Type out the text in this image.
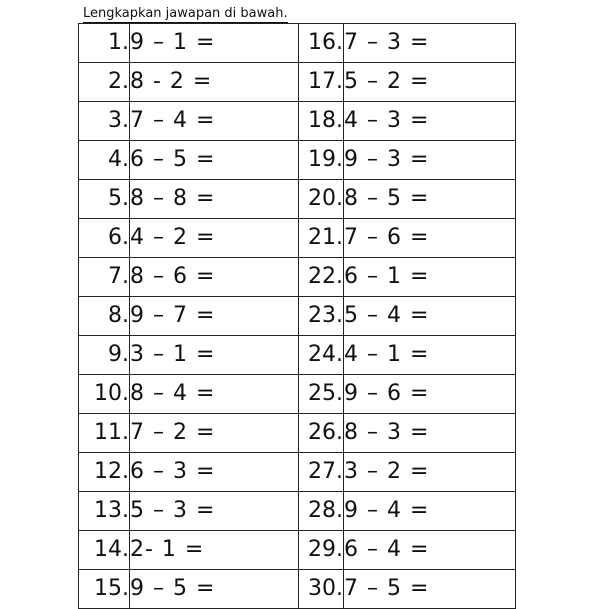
Lengkapkan jawapan di bawah.
1.	9 – 1 =	16.	7 – 3 =
2.	8 - 2 =	17.	5 – 2 =
3.	7 – 4 =	18.	4 – 3 =
4.	6 – 5 =	19.	9 – 3 =
5.	8 – 8 =	20.	8 – 5 =
6.	4 – 2 =	21.	7 – 6 =
7.	8 – 6 =	22.	6 – 1 =
8.	9 – 7 =	23.	5 – 4 =
9.	3 – 1 =	24.	4 – 1 =
10.	8 – 4 =	25.	9 – 6 =
11.	7 – 2 =	26.	8 – 3 =
12.	6 – 3 =	27.	3 – 2 =
13.	5 – 3 =	28.	9 – 4 =
14.	2- 1 =	29.	6 – 4 =
15.	9 – 5 =	30.	7 – 5 =
